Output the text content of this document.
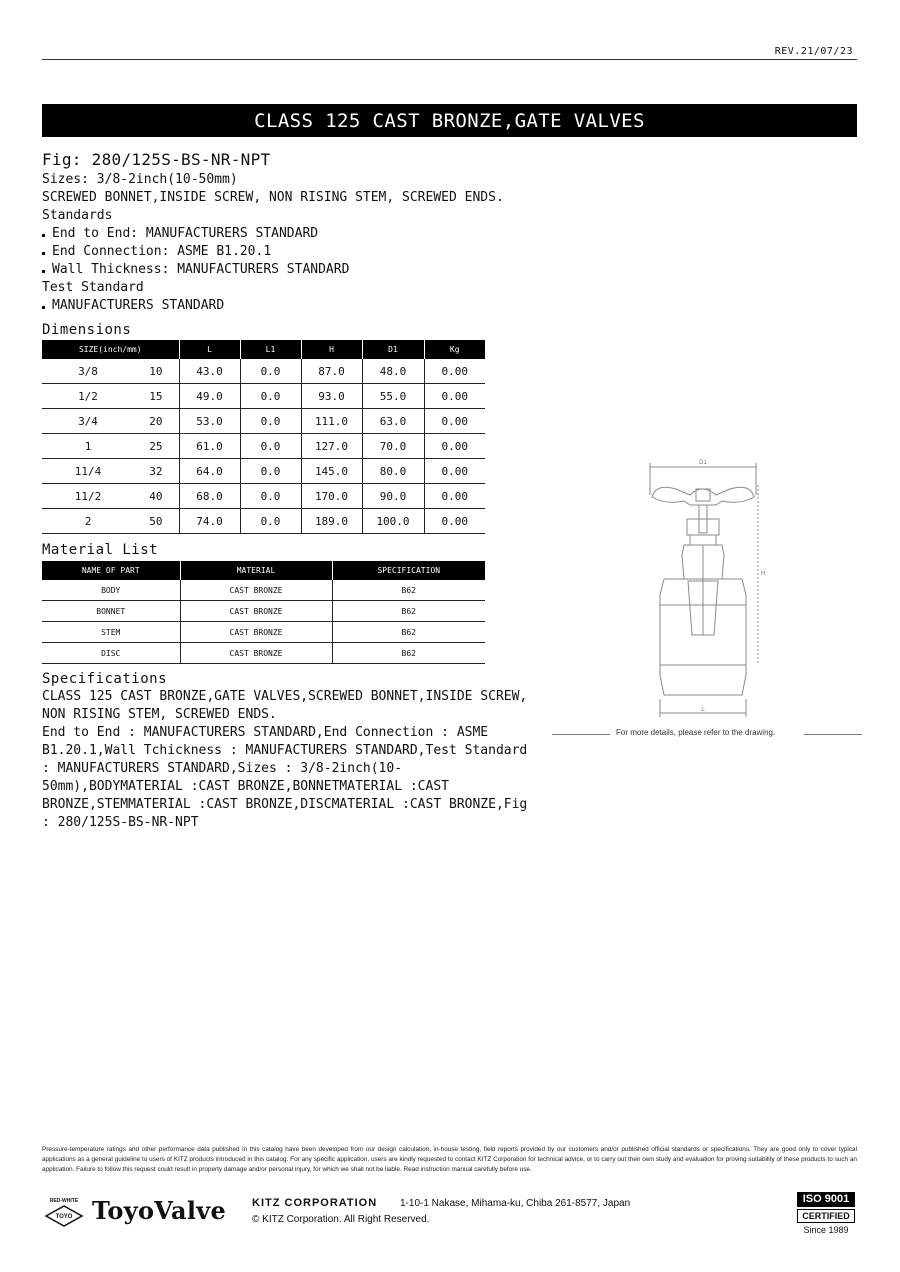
REV.21/07/23
CLASS 125 CAST BRONZE,GATE VALVES
Fig: 280/125S-BS-NR-NPT
Sizes: 3/8-2inch(10-50mm)
SCREWED BONNET,INSIDE SCREW, NON RISING STEM, SCREWED ENDS.
Standards
End to End: MANUFACTURERS STANDARD
End Connection: ASME B1.20.1
Wall Thickness: MANUFACTURERS STANDARD
Test Standard
MANUFACTURERS STANDARD
Dimensions
SIZE(inch/mm)		L	L1	H	D1	Kg
3/8	10	43.0	0.0	87.0	48.0	0.00
1/2	15	49.0	0.0	93.0	55.0	0.00
3/4	20	53.0	0.0	111.0	63.0	0.00
1	25	61.0	0.0	127.0	70.0	0.00
11/4	32	64.0	0.0	145.0	80.0	0.00
11/2	40	68.0	0.0	170.0	90.0	0.00
2	50	74.0	0.0	189.0	100.0	0.00
Material List
NAME OF PART	MATERIAL	SPECIFICATION
BODY	CAST BRONZE	B62
BONNET	CAST BRONZE	B62
STEM	CAST BRONZE	B62
DISC	CAST BRONZE	B62
Specifications

CLASS 125 CAST BRONZE,GATE VALVES,SCREWED BONNET,INSIDE SCREW, NON RISING STEM, SCREWED ENDS.

End to End : MANUFACTURERS STANDARD,End Connection : ASME B1.20.1,Wall Tchickness : MANUFACTURERS STANDARD,Test Standard : MANUFACTURERS STANDARD,Sizes : 3/8-2inch(10-50mm),BODYMATERIAL :CAST BRONZE,BONNETMATERIAL :CAST BRONZE,STEMMATERIAL :CAST BRONZE,DISCMATERIAL :CAST BRONZE,Fig : 280/125S-BS-NR-NPT

D1
H
L
For more details, please refer to the drawing.
Pressure-temperature ratings and other performance data published in this catalog have been developed from our design calculation, in-house testing, field reports provided by our customers and/or published official standards or specifications. They are good only to cover typical applications as a general guideline to users of KITZ products introduced in this catalog. For any specific application, users are kindly requested to contact KITZ Corporation for technical advice, or to carry out their own study and evaluation for proving suitability of these products to such an application. Failure to follow this request could result in property damage and/or personal injury, for which we shall not be liable. Read instruction manual carefully before use.
RED-WHITE
TOYO ToyoValve KITZ CORPORATION 1-10-1 Nakase, Mihama-ku, Chiba 261-8577, Japan
© KITZ Corporation. All Right Reserved.
ISO 9001
CERTIFIED
Since 1989
